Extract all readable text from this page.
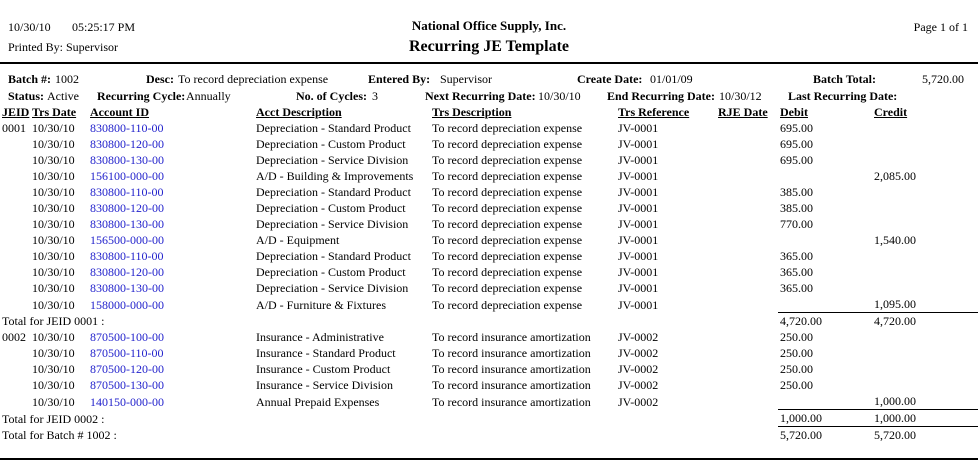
10/30/10 05:25:17 PM	National Office Supply, Inc.	Page 1 of 1
Printed By: Supervisor	Recurring JE Template
Batch #: 1002	Desc: To record depreciation expense	Entered By: Supervisor	Create Date: 01/01/09	Batch Total:	5,720.00
Status: Active Recurring Cycle: Annually	No. of Cycles: 3	Next Recurring Date: 10/30/10 End Recurring Date: 10/30/12 Last Recurring Date:
JEID	Trs Date	Account ID	Acct Description	Trs Description	Trs Reference	RJE Date	Debit	Credit
0001	10/30/10	830800-110-00	Depreciation - Standard Product	To record depreciation expense	JV-0001		695.00	
	10/30/10	830800-120-00	Depreciation - Custom Product	To record depreciation expense	JV-0001		695.00	
	10/30/10	830800-130-00	Depreciation - Service Division	To record depreciation expense	JV-0001		695.00	
	10/30/10	156100-000-00	A/D - Building & Improvements	To record depreciation expense	JV-0001			2,085.00
	10/30/10	830800-110-00	Depreciation - Standard Product	To record depreciation expense	JV-0001		385.00	
	10/30/10	830800-120-00	Depreciation - Custom Product	To record depreciation expense	JV-0001		385.00	
	10/30/10	830800-130-00	Depreciation - Service Division	To record depreciation expense	JV-0001		770.00	
	10/30/10	156500-000-00	A/D - Equipment	To record depreciation expense	JV-0001			1,540.00
	10/30/10	830800-110-00	Depreciation - Standard Product	To record depreciation expense	JV-0001		365.00	
	10/30/10	830800-120-00	Depreciation - Custom Product	To record depreciation expense	JV-0001		365.00	
	10/30/10	830800-130-00	Depreciation - Service Division	To record depreciation expense	JV-0001		365.00	
	10/30/10	158000-000-00	A/D - Furniture & Fixtures	To record depreciation expense	JV-0001			1,095.00
Total for JEID 0001 :							4,720.00	4,720.00
0002	10/30/10	870500-100-00	Insurance - Administrative	To record insurance amortization	JV-0002		250.00	
	10/30/10	870500-110-00	Insurance - Standard Product	To record insurance amortization	JV-0002		250.00	
	10/30/10	870500-120-00	Insurance - Custom Product	To record insurance amortization	JV-0002		250.00	
	10/30/10	870500-130-00	Insurance - Service Division	To record insurance amortization	JV-0002		250.00	
	10/30/10	140150-000-00	Annual Prepaid Expenses	To record insurance amortization	JV-0002			1,000.00
Total for JEID 0002 :							1,000.00	1,000.00
Total for Batch # 1002 :							5,720.00	5,720.00
